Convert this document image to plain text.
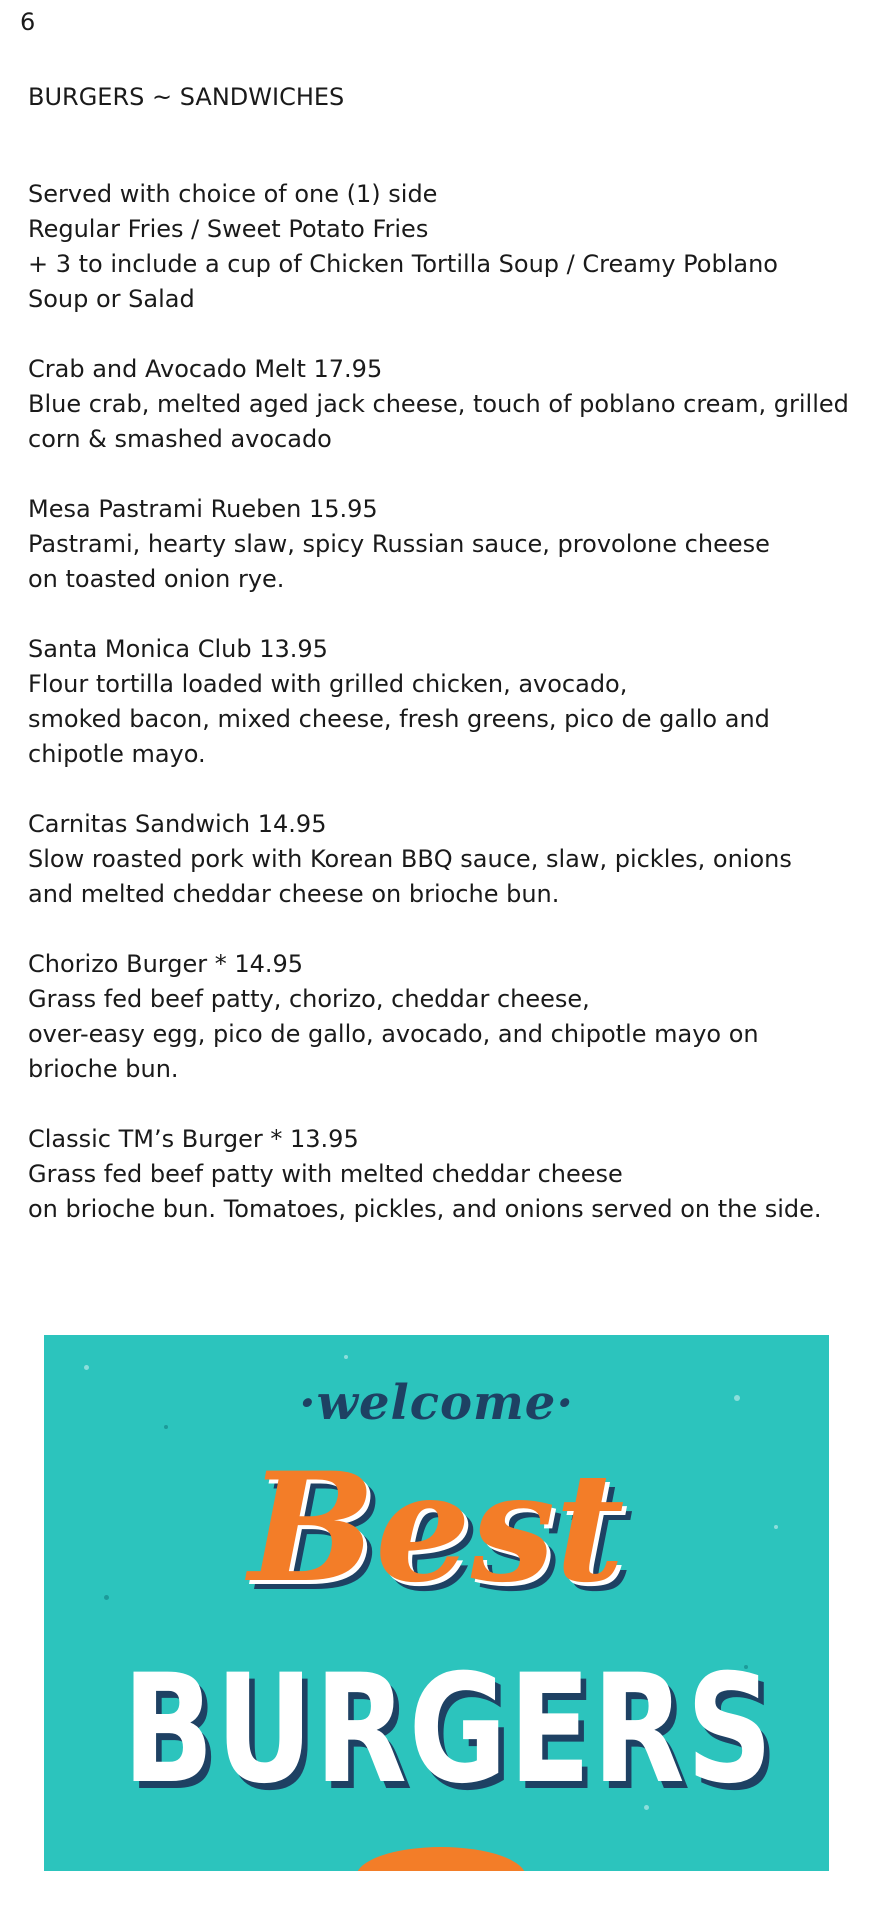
6
BURGERS ~ SANDWICHES
Served with choice of one (1) side
Regular Fries / Sweet Potato Fries
+ 3 to include a cup of Chicken Tortilla Soup / Creamy Poblano
Soup or Salad
Crab and Avocado Melt 17.95
Blue crab, melted aged jack cheese, touch of poblano cream, grilled
corn & smashed avocado
Mesa Pastrami Rueben 15.95
Pastrami, hearty slaw, spicy Russian sauce, provolone cheese
on toasted onion rye.
Santa Monica Club 13.95
Flour tortilla loaded with grilled chicken, avocado,
smoked bacon, mixed cheese, fresh greens, pico de gallo and
chipotle mayo.
Carnitas Sandwich 14.95
Slow roasted pork with Korean BBQ sauce, slaw, pickles, onions
and melted cheddar cheese on brioche bun.
Chorizo Burger * 14.95
Grass fed beef patty, chorizo, cheddar cheese,
over-easy egg, pico de gallo, avocado, and chipotle mayo on
brioche bun.
Classic TM’s Burger * 13.95
Grass fed beef patty with melted cheddar cheese
on brioche bun. Tomatoes, pickles, and onions served on the side.
·welcome·
Best
BURGERS
